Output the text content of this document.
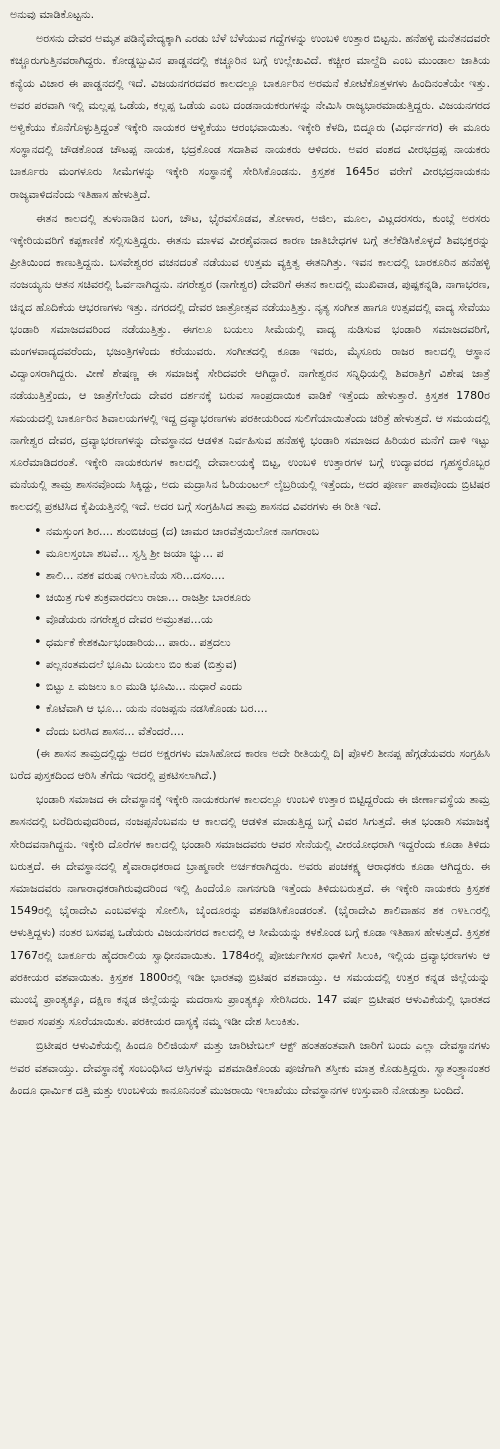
ಅನುವು ಮಾಡಿಕೊಟ್ಟನು.

ಅರಸನು ದೇವರ ಅಮೃತ ಪಡಿನೈವೇದ್ಯಕ್ಕಾಗಿ ಎರಡು ಬೆಳೆ ಬೆಳೆಯುವ ಗದ್ದೆಗಳನ್ನು ಉಂಬಳಿ ಉತ್ತಾರ ಬಿಟ್ಟನು. ಹನೆಹಳ್ಳಿ ಮನೆತನದವರೇ ಕಚ್ಚೂರುಗುತ್ತಿನವರಾಗಿದ್ದರು. ಕೋಡ್ಡಬ್ಬುವಿನ ಪಾಡ್ಡನದಲ್ಲಿ ಕಚ್ಚೂರಿನ ಬಗ್ಗೆ ಉಲ್ಲೇಖವಿದೆ. ಕಚ್ಚೀರ ಮಾಲ್ದೆದಿ ಎಂಬ ಮುಂಡಾಲ ಜಾತಿಯ ಕನ್ಯೆಯ ವಿಚಾರ ಈ ಪಾಡ್ಡನದಲ್ಲಿ ಇದೆ. ವಿಜಯನಗರದವರ ಕಾಲದಲ್ಲೂ ಬಾರ್ಕೂರಿನ ಅರಮನೆ ಕೋಟೆಕೊತ್ತಳಗಳು ಹಿಂದಿನಂತೆಯೇ ಇತ್ತು. ಅವರ ಪರವಾಗಿ ಇಲ್ಲಿ ಮಲ್ಲಪ್ಪ ಒಡೆಯ, ಕಲ್ಲಪ್ಪ ಒಡೆಯ ಎಂಬ ದಂಡನಾಯಕರುಗಳನ್ನು ನೇಮಿಸಿ ರಾಜ್ಯಭಾರಮಾಡುತ್ತಿದ್ದರು. ವಿಜಯನಗರದ ಅಳ್ವಿಕೆಯು ಕೊನೆಗೊಳ್ಳುತ್ತಿದ್ದಂತೆ ಇಕ್ಕೇರಿ ನಾಯಕರ ಆಳ್ವಿಕೆಯು ಆರಂಭವಾಯಿತು. ಇಕ್ಕೇರಿ ಕೆಳದಿ, ಬಿದ್ನೂರು (ವಿರ್ಧರ್ನಗರ) ಈ ಮೂರು ಸಂಸ್ಥಾನದಲ್ಲಿ ಚೌಡಕೊಂಡ ಚೌಟಪ್ಪ ನಾಯಕ, ಭದ್ರಕೊಂಡ ಸದಾಶಿವ ನಾಯಕರು ಆಳಿದರು. ಅವರ ವಂಶದ ವೀರಭದ್ರಪ್ಪ ನಾಯಕರು ಬಾರ್ಕೂರು ಮಂಗಳೂರು ಸೀಮೆಗಳನ್ನು ಇಕ್ಕೇರಿ ಸಂಸ್ಥಾನಕ್ಕೆ ಸೇರಿಸಿಕೊಂಡನು. ಕ್ರಿಸ್ತಶಕ 1645ರ ವರೇಗೆ ವೀರಭದ್ರನಾಯಕನು ರಾಜ್ಯವಾಳಿದನೆಂದು ಇತಿಹಾಸ ಹೇಳುತ್ತಿದೆ.

ಈತನ ಕಾಲದಲ್ಲಿ ತುಳುನಾಡಿನ ಬಂಗ, ಚೌಟ, ಭೈರವಸೊಡವ, ತೋಳಾರ, ಅಜಿಲ, ಮೂಲ, ವಿಟ್ಲದರಸರು, ಕುಂಬ್ಲೆ ಅರಸರು ಇಕ್ಕೇರಿಯವರಿಗೆ ಕಪ್ಪಕಾಣಿಕೆ ಸಲ್ಲಿಸುತ್ತಿದ್ದರು. ಈತನು ಮಾಳವ ವೀರಶೈವನಾದ ಕಾರಣ ಜಾತಿಬೇಧಗಳ ಬಗ್ಗೆ ತಲೆಕೆಡಿಸಿಕೊಳ್ಳದೆ ಶಿವಭಕ್ತರನ್ನು ಪ್ರೀತಿಯಿಂದ ಕಾಣುತ್ತಿದ್ದನು. ಬಸವೇಶ್ವರರ ವಚನದಂತೆ ನಡೆಯುವ ಉತ್ತಮ ವ್ಯಕ್ತಿತ್ವ ಈತನಿಗಿತ್ತು. ಇವನ ಕಾಲದಲ್ಲಿ ಬಾರಕೂರಿನ ಹನೆಹಳ್ಳಿ ನಂಜಯ್ಯನು ಆತನ ಸಚಿವರಲ್ಲಿ ಓರ್ವನಾಗಿದ್ದನು. ನಗರೇಶ್ವರ (ನಾಗೇಶ್ವರ) ದೇವರಿಗೆ ಈತನ ಕಾಲದಲ್ಲಿ ಮುಖಿವಾಡ, ಪುಷ್ಪಕನ್ನಡಿ, ನಾಗಾಭರಣ, ಚಿನ್ನದ ಹೊದಿಕೆಯ ಆಭರಣಗಳು ಇತ್ತು. ನಗರದಲ್ಲಿ ದೇವರ ಜಾತ್ರೋತ್ಸವ ನಡೆಯುತ್ತಿತ್ತು. ನೃತ್ಯ ಸಂಗೀತ ಹಾಗೂ ಉತ್ಸವದಲ್ಲಿ ವಾದ್ಯ ಸೇವೆಯು ಭಂಡಾರಿ ಸಮಾಜದವರಿಂದ ನಡೆಯುತ್ತಿತ್ತು. ಈಗಲೂ ಬಯಲು ಸೀಮೆಯಲ್ಲಿ ವಾದ್ಯ ನುಡಿಸುವ ಭಂಡಾರಿ ಸಮಾಜದವರಿಗೆ, ಮಂಗಳವಾದ್ಯದವರೆಂದು, ಭಜಂತ್ರಿಗಳೆಂದು ಕರೆಯುವರು. ಸಂಗೀತದಲ್ಲಿ ಕೂಡಾ ಇವರು, ಮೈಸೂರು ರಾಜರ ಕಾಲದಲ್ಲಿ ಆಸ್ಥಾನ ವಿದ್ವಾಂಸರಾಗಿದ್ದರು. ವೀಣೆ ಶೇಷಣ್ಣ ಈ ಸಮಾಜಕ್ಕೆ ಸೇರಿದವರೇ ಆಗಿದ್ದಾರೆ. ನಾಗೇಶ್ವರನ ಸನ್ನಿಧಿಯಲ್ಲಿ ಶಿವರಾತ್ರಿಗೆ ವಿಶೇಷ ಜಾತ್ರೆ ನಡೆಯುತ್ತಿತ್ತೆಂದು, ಆ ಜಾತ್ರೆಗೆಲೆಂದು ದೇವರ ದರ್ಶನಕ್ಕೆ ಬರುವ ಸಾಂಪ್ರದಾಯಿಕ ವಾಡಿಕೆ ಇತ್ತೆಂದು ಹೇಳುತ್ತಾರೆ. ಕ್ರಿಸ್ತಶಕ 1780ರ ಸಮಯದಲ್ಲಿ ಬಾರ್ಕೂರಿನ ಶಿವಾಲಯಗಳಲ್ಲಿ ಇದ್ದ ದ್ರವ್ಯಾಭರಣಗಳು ಪರಕೀಯರಿಂದ ಸುಲಿಗೆಯಾಯಿತೆಂದು ಚರಿತ್ರೆ ಹೇಳುತ್ತದೆ. ಆ ಸಮಯದಲ್ಲಿ ನಾಗೇಶ್ವರ ದೇವರ, ದ್ರವ್ಯಾಭರಣಗಳನ್ನು ದೇವಸ್ಥಾನದ ಆಡಳಿತ ನಿರ್ವಹಿಸುವ ಹನೆಹಳ್ಳಿ ಭಂಡಾರಿ ಸಮಾಜದ ಹಿರಿಯರ ಮನೆಗೆ ದಾಳಿ ಇಟ್ಟು ಸೂರೆಮಾಡಿದರಂತೆ. ಇಕ್ಕೇರಿ ನಾಯಕರುಗಳ ಕಾಲದಲ್ಲಿ ದೇವಾಲಯಕ್ಕೆ ಬಿಟ್ಟ, ಉಂಬಳಿ ಉತ್ತಾರಗಳ ಬಗ್ಗೆ ಉದ್ಯಾವರದ ಗೃಹಸ್ಥರೊಬ್ಬರ ಮನೆಯಲ್ಲಿ ತಾಮ್ರ ಶಾಸನವೊಂದು ಸಿಕ್ಕಿದ್ದು, ಅದು ಮದ್ರಾಸಿನ ಓರಿಯಂಟಲ್ ಲೈಬ್ರರಿಯಲ್ಲಿ ಇತ್ತೆಂದು, ಅದರ ಪೂರ್ಣ ಪಾಠವೊಂದು ಬ್ರಿಟಿಷರ ಕಾಲದಲ್ಲಿ ಪ್ರಕಟಿಸಿದ ಕೈಪಿಯತ್ತಿನಲ್ಲಿ ಇದೆ. ಅದರ ಬಗ್ಗೆ ಸಂಗ್ರಹಿಸಿದ ತಾಮ್ರ ಶಾಸನದ ವಿವರಗಳು ಈ ರೀತಿ ಇದೆ.

• ನಮಸ್ತುಂಗ ಶಿರ.... ಶುಂಬಿಚಂದ್ರ (ದ) ಚಾಮರ ಚಾರವೆತ್ರಯಿಲೋಕ ನಾಗರಾಂಬ
• ಮೂಲಸ್ತಂಬಾ ಶಬವೆ... ಸ್ವಸ್ತಿ ಶ್ರೀ ಜಯಾ ಭ್ಯು... ಪ
• ಶಾಲಿ... ನಶಕ ವರುಷ ೧೪೧೬ನೆಯ ಸರಿ...ದಸಂ....
• ಚಯಿತ್ರ ಗುಳಿ ಶುಕ್ರವಾರದಲು ರಾಜಾ... ರಾಜಶ್ರೀ ಬಾರಕೂರು
• ವೊಡೆಯರು ನಗರೇಶ್ವರ ದೇವರ ಅಮ್ರುತಪ...ಯ
• ಧರ್ಮಕೆ ಕೇಶಕರ್ಮಿಭಂಡಾರಿಯ... ಪಾರು.. ಪತ್ರದಲು
• ಪಲ್ಲನಂತಮದಲೆ ಭೂಮಿ ಬಯಲು ಬಿಂ ಕುಪ (ಬಿತ್ತುವ)
• ಬಿಟ್ಟು ೭ ಮಜಲು ೩೦ ಮುಡಿ ಭೂಮಿ... ನುಧಾರೆ ಎಂದು
• ಕೊಟೆವಾಗಿ ಆ ಭೂ... ಯನು ನಂಜಪ್ಪನು ನಡಸಿಕೊಂಡು ಬರ....
• ದೆಂದು ಬರಸಿದ ಶಾಸನ... ವೆತೆಂದರೆ....

(ಈ ಶಾಸನ ತಾಮ್ರದಲ್ಲಿದ್ದು ಅದರ ಅಕ್ಷರಗಳು ಮಾಸಿಹೋದ ಕಾರಣ ಅದೇ ರೀತಿಯಲ್ಲಿ ದಿ| ಪೊಳಲಿ ಶೀನಪ್ಪ ಹೆಗ್ಗಡೆಯವರು ಸಂಗ್ರಹಿಸಿ ಬರೆದ ಪುಸ್ತಕದಿಂದ ಆರಿಸಿ ತೆಗೆದು ಇದರಲ್ಲಿ ಪ್ರಕಟಿಸಲಾಗಿದೆ.)

ಭಂಡಾರಿ ಸಮಾಜದ ಈ ದೇವಸ್ಥಾನಕ್ಕೆ ಇಕ್ಕೇರಿ ನಾಯಕರುಗಳ ಕಾಲದಲ್ಲೂ ಉಂಬಳಿ ಉತ್ತಾರ ಬಿಟ್ಟಿದ್ದರೆಂದು ಈ ಜೀರ್ಣಾವಸ್ಥೆಯ ತಾಮ್ರ ಶಾಸನದಲ್ಲಿ ಬರೆದಿರುವುದರಿಂದ, ನಂಜಪ್ಪನೆಂಬವನು ಆ ಕಾಲದಲ್ಲಿ ಆಡಳಿತ ಮಾಡುತ್ತಿದ್ದ ಬಗ್ಗೆ ವಿವರ ಸಿಗುತ್ತದೆ. ಈತ ಭಂಡಾರಿ ಸಮಾಜಕ್ಕೆ ಸೇರಿದವನಾಗಿದ್ದನು. ಇಕ್ಕೇರಿ ದೊರೆಗಳ ಕಾಲದಲ್ಲಿ ಭಂಡಾರಿ ಸಮಾಜದವರು ಆವರ ಸೇನೆಯಲ್ಲಿ ವೀರಯೋಧರಾಗಿ ಇದ್ದರೆಂದು ಕೂಡಾ ತಿಳಿದು ಬರುತ್ತದೆ. ಈ ದೇವಸ್ಥಾನದಲ್ಲಿ ಶೈವಾರಾಧಕರಾದ ಬ್ರಾಹ್ಮಣರೇ ಅರ್ಚಕರಾಗಿದ್ದರು. ಅವರು ಪಂಚಕಕ್ಷ್ಯ ಆರಾಧಕರು ಕೂಡಾ ಆಗಿದ್ದರು. ಈ ಸಮಾಜದವರು ನಾಗಾರಾಧಕರಾಗಿರುವುದರಿಂದ ಇಲ್ಲಿ ಹಿಂದೆಯೊ ನಾಗನಗುಡಿ ಇತ್ತೆಂದು ತಿಳಿದುಬರುತ್ತದೆ. ಈ ಇಕ್ಕೇರಿ ನಾಯಕರು ಕ್ರಿಸ್ತಶಕ 1549ರಲ್ಲಿ ಭೈರಾದೇವಿ ಎಂಬವಳನ್ನು ಸೋಲಿಸಿ, ಬೈಂದೂರನ್ನು ವಶಪಡಿಸಿಕೊಂಡರಂತೆ. (ಭೈರಾದೇವಿ ಶಾಲಿವಾಹನ ಶಕ ೧೪೬೧ರಲ್ಲಿ ಆಳುತ್ತಿದ್ದಳು) ನಂತರ ಬಸವಪ್ಪ ಒಡೆಯರು ವಿಜಯನಗರದ ಕಾಲದಲ್ಲಿ ಆ ಸೀಮೆಯನ್ನು ಕಳಕೊಂಡ ಬಗ್ಗೆ ಕೂಡಾ ಇತಿಹಾಸ ಹೇಳುತ್ತದೆ. ಕ್ರಿಸ್ತಶಕ 1767ರಲ್ಲಿ ಬಾರ್ಕೂರು ಹೈದರಾಲಿಯ ಸ್ವಾಧೀನವಾಯಿತು. 1784ರಲ್ಲಿ ಪೋರ್ಚುಗೀಸರ ಧಾಳಿಗೆ ಸಿಲುಕಿ, ಇಲ್ಲಿಯ ದ್ರವ್ಯಾಭರಣಗಳು ಆ ಪರಕೀಯರ ವಶವಾಯಿತು. ಕ್ರಿಸ್ತಶಕ 1800ರಲ್ಲಿ ಇಡೀ ಭಾರತವು ಬ್ರಿಟಿಷರ ವಶವಾಯ್ತು. ಆ ಸಮಯದಲ್ಲಿ ಉತ್ತರ ಕನ್ನಡ ಜಿಲ್ಲೆಯನ್ನು ಮುಂಬೈ ಪ್ರಾಂತ್ಯಕ್ಕೂ, ದಕ್ಷಿಣ ಕನ್ನಡ ಜಿಲ್ಲೆಯನ್ನು ಮದರಾಸು ಪ್ರಾಂತ್ಯಕ್ಕೂ ಸೇರಿಸಿದರು. 147 ವರ್ಷ ಬ್ರಿಟೀಷರ ಆಳುವಿಕೆಯಲ್ಲಿ ಭಾರತದ ಅಪಾರ ಸಂಪತ್ತು ಸೂರೆಯಾಯಿತು. ಪರಕೀಯರ ದಾಸ್ಯಕ್ಕೆ ನಮ್ಮ ಇಡೀ ದೇಶ ಸಿಲುಕಿತು.

ಬ್ರಿಟೀಷರ ಆಳುವಿಕೆಯಲ್ಲಿ ಹಿಂದೂ ರಿಲಿಜಿಯಸ್ ಮತ್ತು ಚಾರಿಟೇಬಲ್ ಆಕ್ಟ್ ಹಂತಹಂತವಾಗಿ ಜಾರಿಗೆ ಬಂದು ಎಲ್ಲಾ ದೇವಸ್ಥಾನಗಳು ಅವರ ವಶವಾಯ್ತು. ದೇವಸ್ಥಾನಕ್ಕೆ ಸಂಬಂಧಿಸಿದ ಆಸ್ತಿಗಳನ್ನು ವಶಮಾಡಿಕೊಂಡು ಪೂಜೆಗಾಗಿ ತಸ್ತೀಕು ಮಾತ್ರ ಕೊಡುತ್ತಿದ್ದರು. ಸ್ವಾತಂತ್ರ್ಯಾನಂತರ ಹಿಂದೂ ಧಾರ್ಮಿಕ ದತ್ತಿ ಮತ್ತು ಉಂಬಳಿಯ ಕಾನೂನಿನಂತೆ ಮುಜರಾಯಿ ಇಲಾಖೆಯು ದೇವಸ್ಥಾನಗಳ ಉಸ್ತುವಾರಿ ನೋಡುತ್ತಾ ಬಂದಿದೆ.
